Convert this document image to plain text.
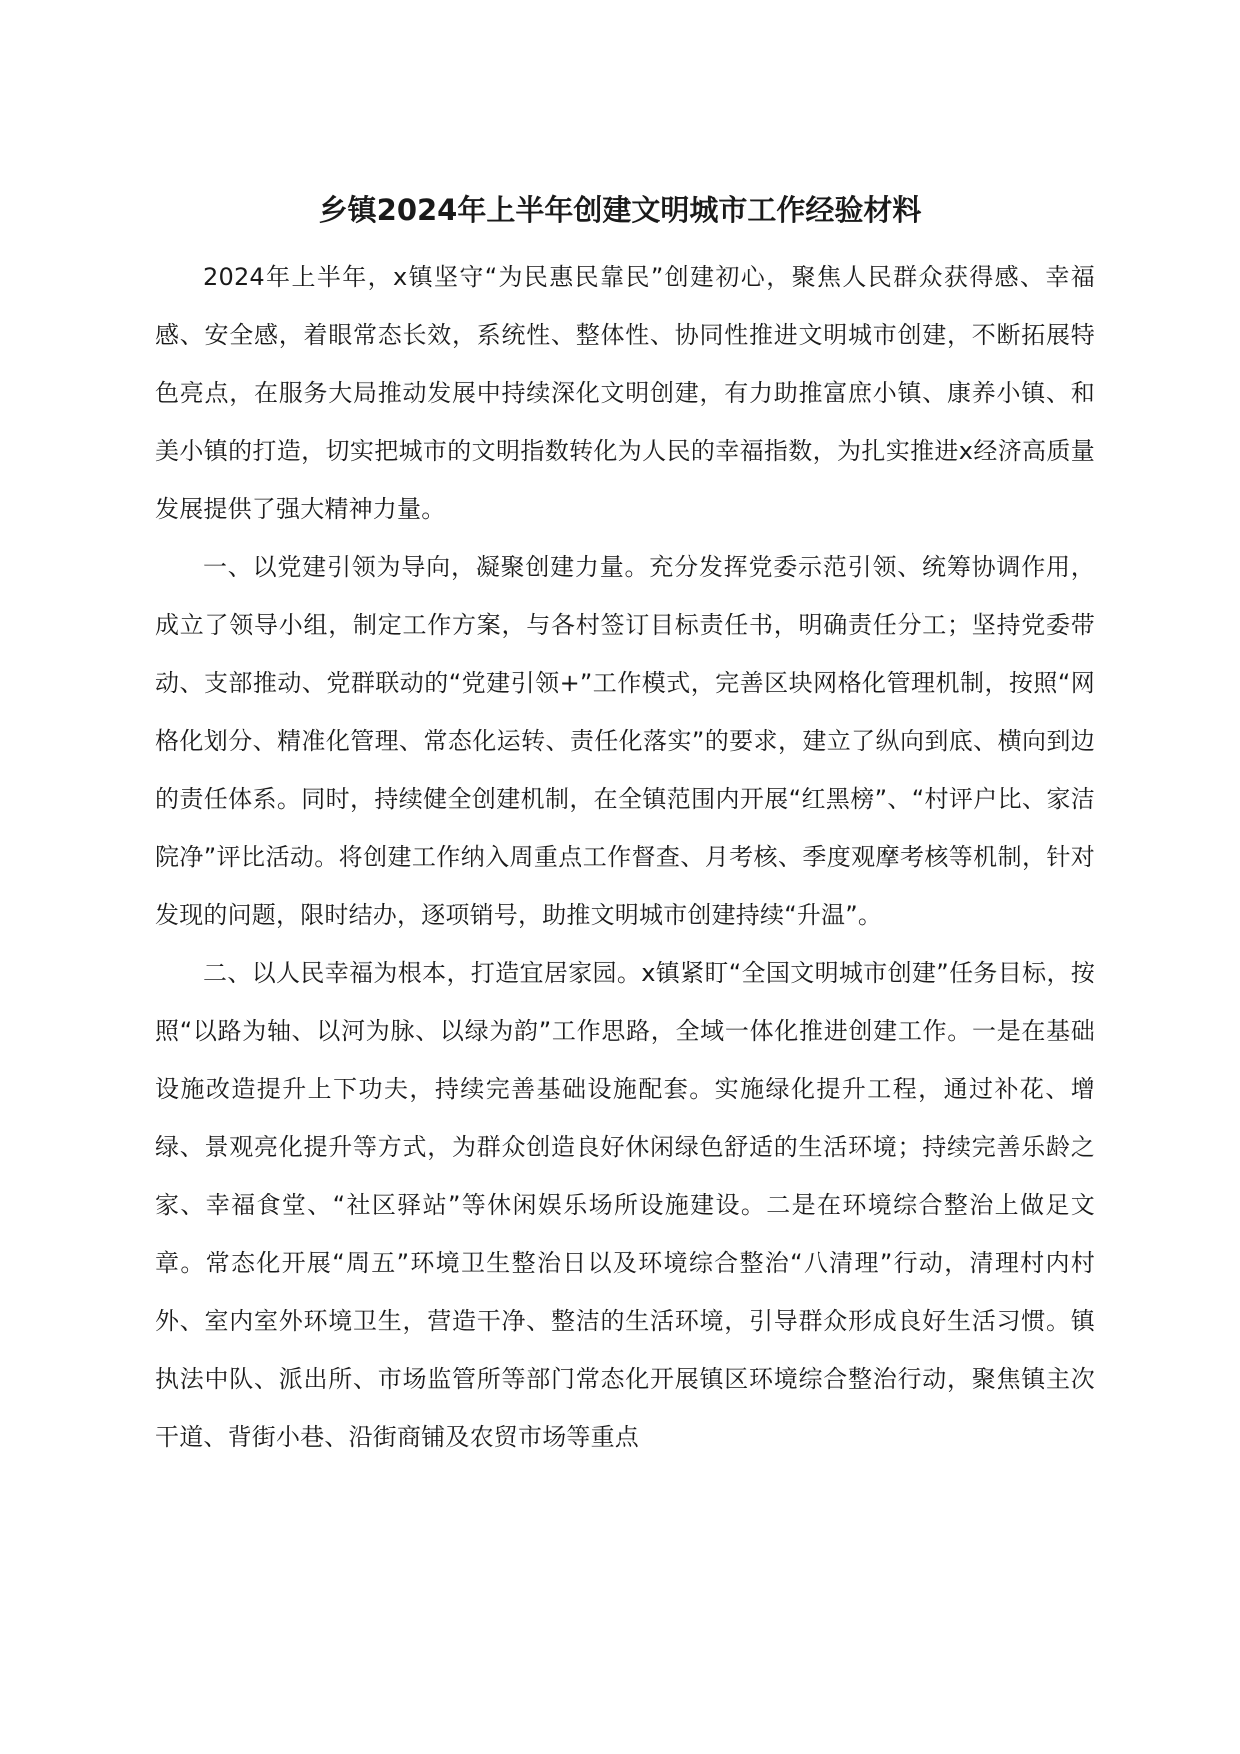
乡镇2024年上半年创建文明城市工作经验材料

2024年上半年，x镇坚守“为民惠民靠民”创建初心，聚焦人民群众获得感、幸福感、安全感，着眼常态长效，系统性、整体性、协同性推进文明城市创建，不断拓展特色亮点，在服务大局推动发展中持续深化文明创建，有力助推富庶小镇、康养小镇、和美小镇的打造，切实把城市的文明指数转化为人民的幸福指数，为扎实推进x经济高质量发展提供了强大精神力量。

一、以党建引领为导向，凝聚创建力量。充分发挥党委示范引领、统筹协调作用，成立了领导小组，制定工作方案，与各村签订目标责任书，明确责任分工；坚持党委带动、支部推动、党群联动的“党建引领+”工作模式，完善区块网格化管理机制，按照“网格化划分、精准化管理、常态化运转、责任化落实”的要求，建立了纵向到底、横向到边的责任体系。同时，持续健全创建机制，在全镇范围内开展“红黑榜”、“村评户比、家洁院净”评比活动。将创建工作纳入周重点工作督查、月考核、季度观摩考核等机制，针对发现的问题，限时结办，逐项销号，助推文明城市创建持续“升温”。

二、以人民幸福为根本，打造宜居家园。x镇紧盯“全国文明城市创建”任务目标，按照“以路为轴、以河为脉、以绿为韵”工作思路，全域一体化推进创建工作。一是在基础设施改造提升上下功夫，持续完善基础设施配套。实施绿化提升工程，通过补花、增绿、景观亮化提升等方式，为群众创造良好休闲绿色舒适的生活环境；持续完善乐龄之家、幸福食堂、“社区驿站”等休闲娱乐场所设施建设。二是在环境综合整治上做足文章。常态化开展“周五”环境卫生整治日以及环境综合整治“八清理”行动，清理村内村外、室内室外环境卫生，营造干净、整洁的生活环境，引导群众形成良好生活习惯。镇执法中队、派出所、市场监管所等部门常态化开展镇区环境综合整治行动，聚焦镇主次干道、背街小巷、沿街商铺及农贸市场等重点
